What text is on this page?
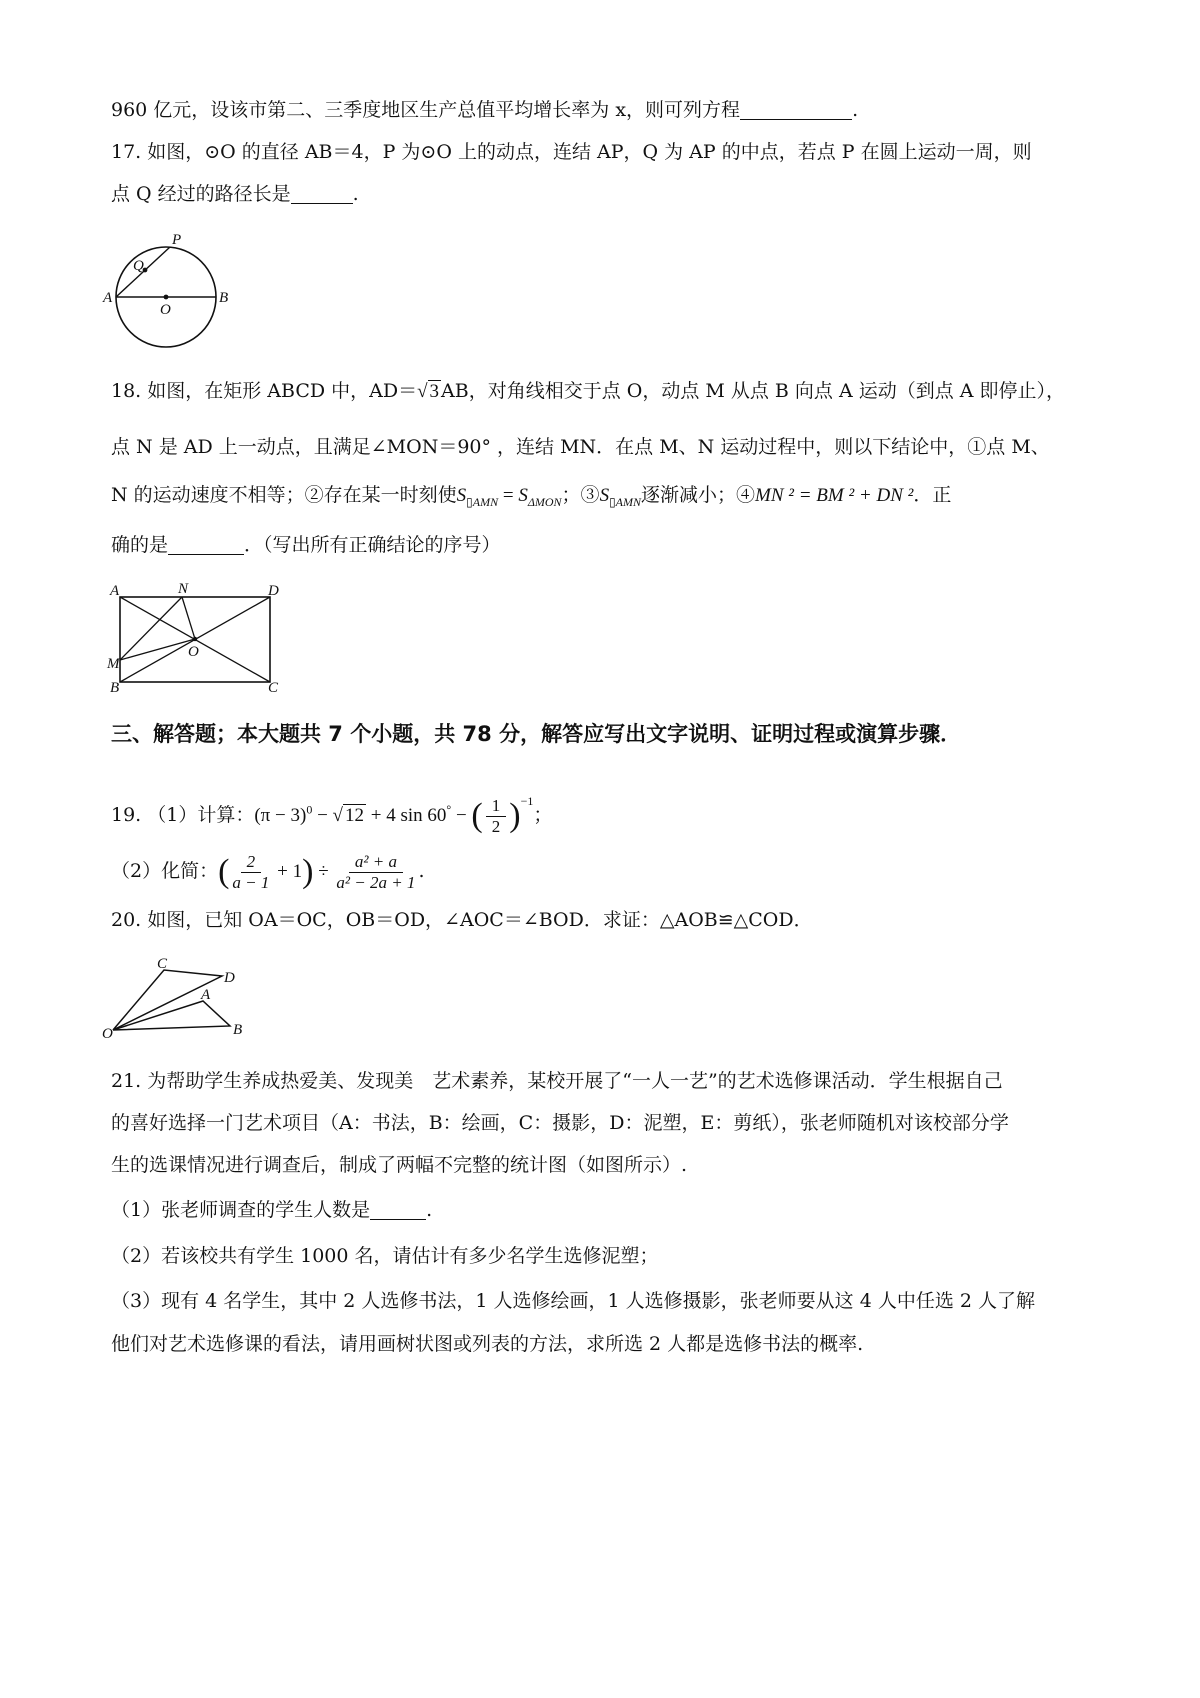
960 亿元，设该市第二、三季度地区生产总值平均增长率为 x，则可列方程	.
17. 如图，⊙O 的直径 AB＝4，P 为⊙O 上的动点，连结 AP，Q 为 AP 的中点，若点 P 在圆上运动一周，则
点 Q 经过的路径长是	.
P
Q
A
O
B
18. 如图，在矩形 ABCD 中，AD＝√ 3 AB，对角线相交于点 O，动点 M 从点 B 向点 A 运动（到点 A 即停止），
点 N 是 AD 上一动点，且满足∠MON＝90° ，连结 MN．在点 M、N 运动过程中，则以下结论中，①点 M、
N 的运动速度不相等；②存在某一时刻使$S_{▯AMN} = S_{\Delta MON}$；$③S_{▯AMN}$逐渐减小；④MN ² = BM ² + DN ²．正
确的是	．（写出所有正确结论的序号）
A	N	D
M
O
B	C
三、解答题；本大题共 7 个小题，共 78 分，解答应写出文字说明、证明过程或演算步骤．
19. （1）计算：$(\pi - 3)^0$ − √ 12 + 4 sin 60° − ( $\frac{1}{2} )^{-1}$；
（2）化简：( $\frac{2}{a - 1} + 1) \div \frac{\text{a² + a}}{\text{a² − 2a + 1}}$ .
20. 如图，已知 OA＝OC，OB＝OD，∠AOC＝∠BOD．求证：△AOB≌△COD．
C
D
A
O	B
21. 为帮助学生养成热爱美、发现美　艺术素养，某校开展了“一人一艺”的艺术选修课活动．学生根据自己
的喜好选择一门艺术项目（A：书法，B：绘画，C：摄影，D：泥塑，E：剪纸），张老师随机对该校部分学
生的选课情况进行调查后，制成了两幅不完整的统计图（如图所示）.
（1）张老师调查的学生人数是	.
（2）若该校共有学生 1000 名，请估计有多少名学生选修泥塑；
（3）现有 4 名学生，其中 2 人选修书法，1 人选修绘画，1 人选修摄影，张老师要从这 4 人中任选 2 人了解
他们对艺术选修课的看法，请用画树状图或列表的方法，求所选 2 人都是选修书法的概率.
